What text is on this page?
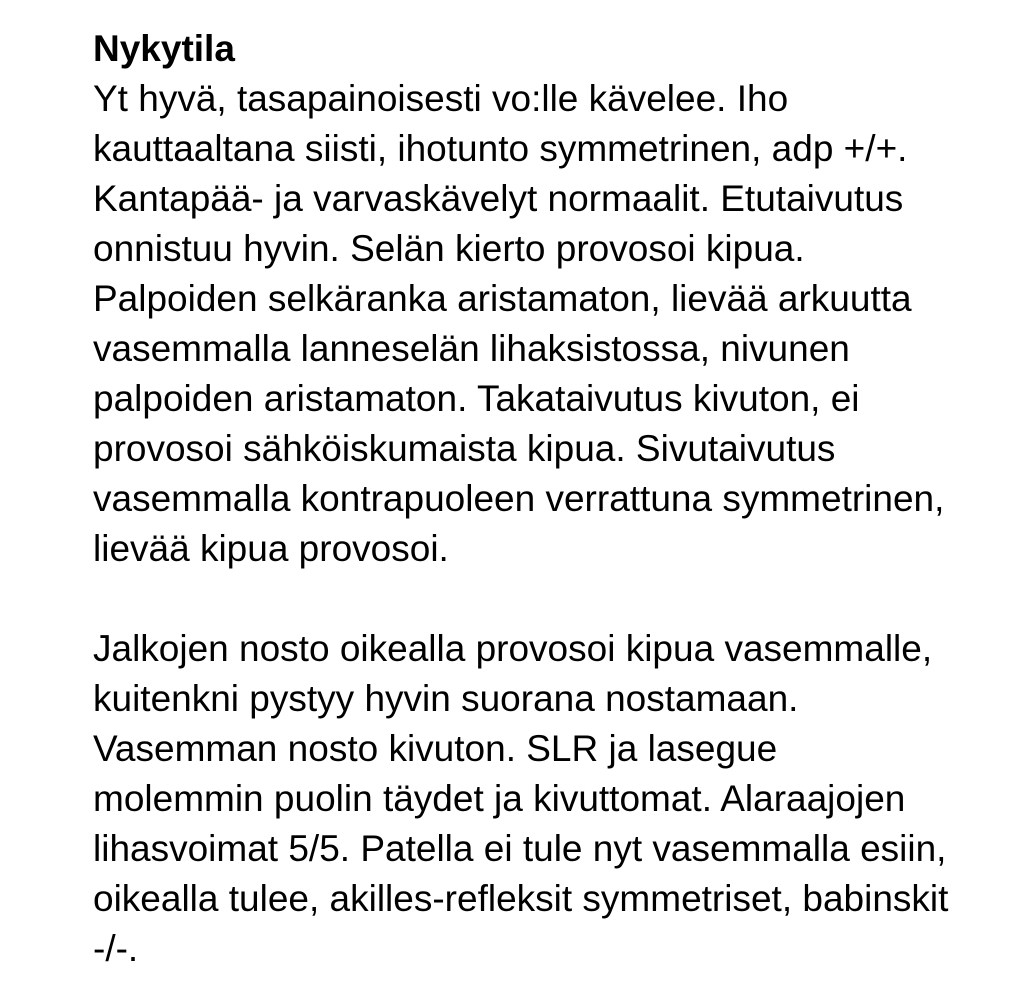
Nykytila
Yt hyvä, tasapainoisesti vo:lle kävelee. Iho
kauttaaltana siisti, ihotunto symmetrinen, adp +/+.
Kantapää- ja varvaskävelyt normaalit. Etutaivutus
onnistuu hyvin. Selän kierto provosoi kipua.
Palpoiden selkäranka aristamaton, lievää arkuutta
vasemmalla lanneselän lihaksistossa, nivunen
palpoiden aristamaton. Takataivutus kivuton, ei
provosoi sähköiskumaista kipua. Sivutaivutus
vasemmalla kontrapuoleen verrattuna symmetrinen,
lievää kipua provosoi.
Jalkojen nosto oikealla provosoi kipua vasemmalle,
kuitenkni pystyy hyvin suorana nostamaan.
Vasemman nosto kivuton. SLR ja lasegue
molemmin puolin täydet ja kivuttomat. Alaraajojen
lihasvoimat 5/5. Patella ei tule nyt vasemmalla esiin,
oikealla tulee, akilles-refleksit symmetriset, babinskit
-/-.
